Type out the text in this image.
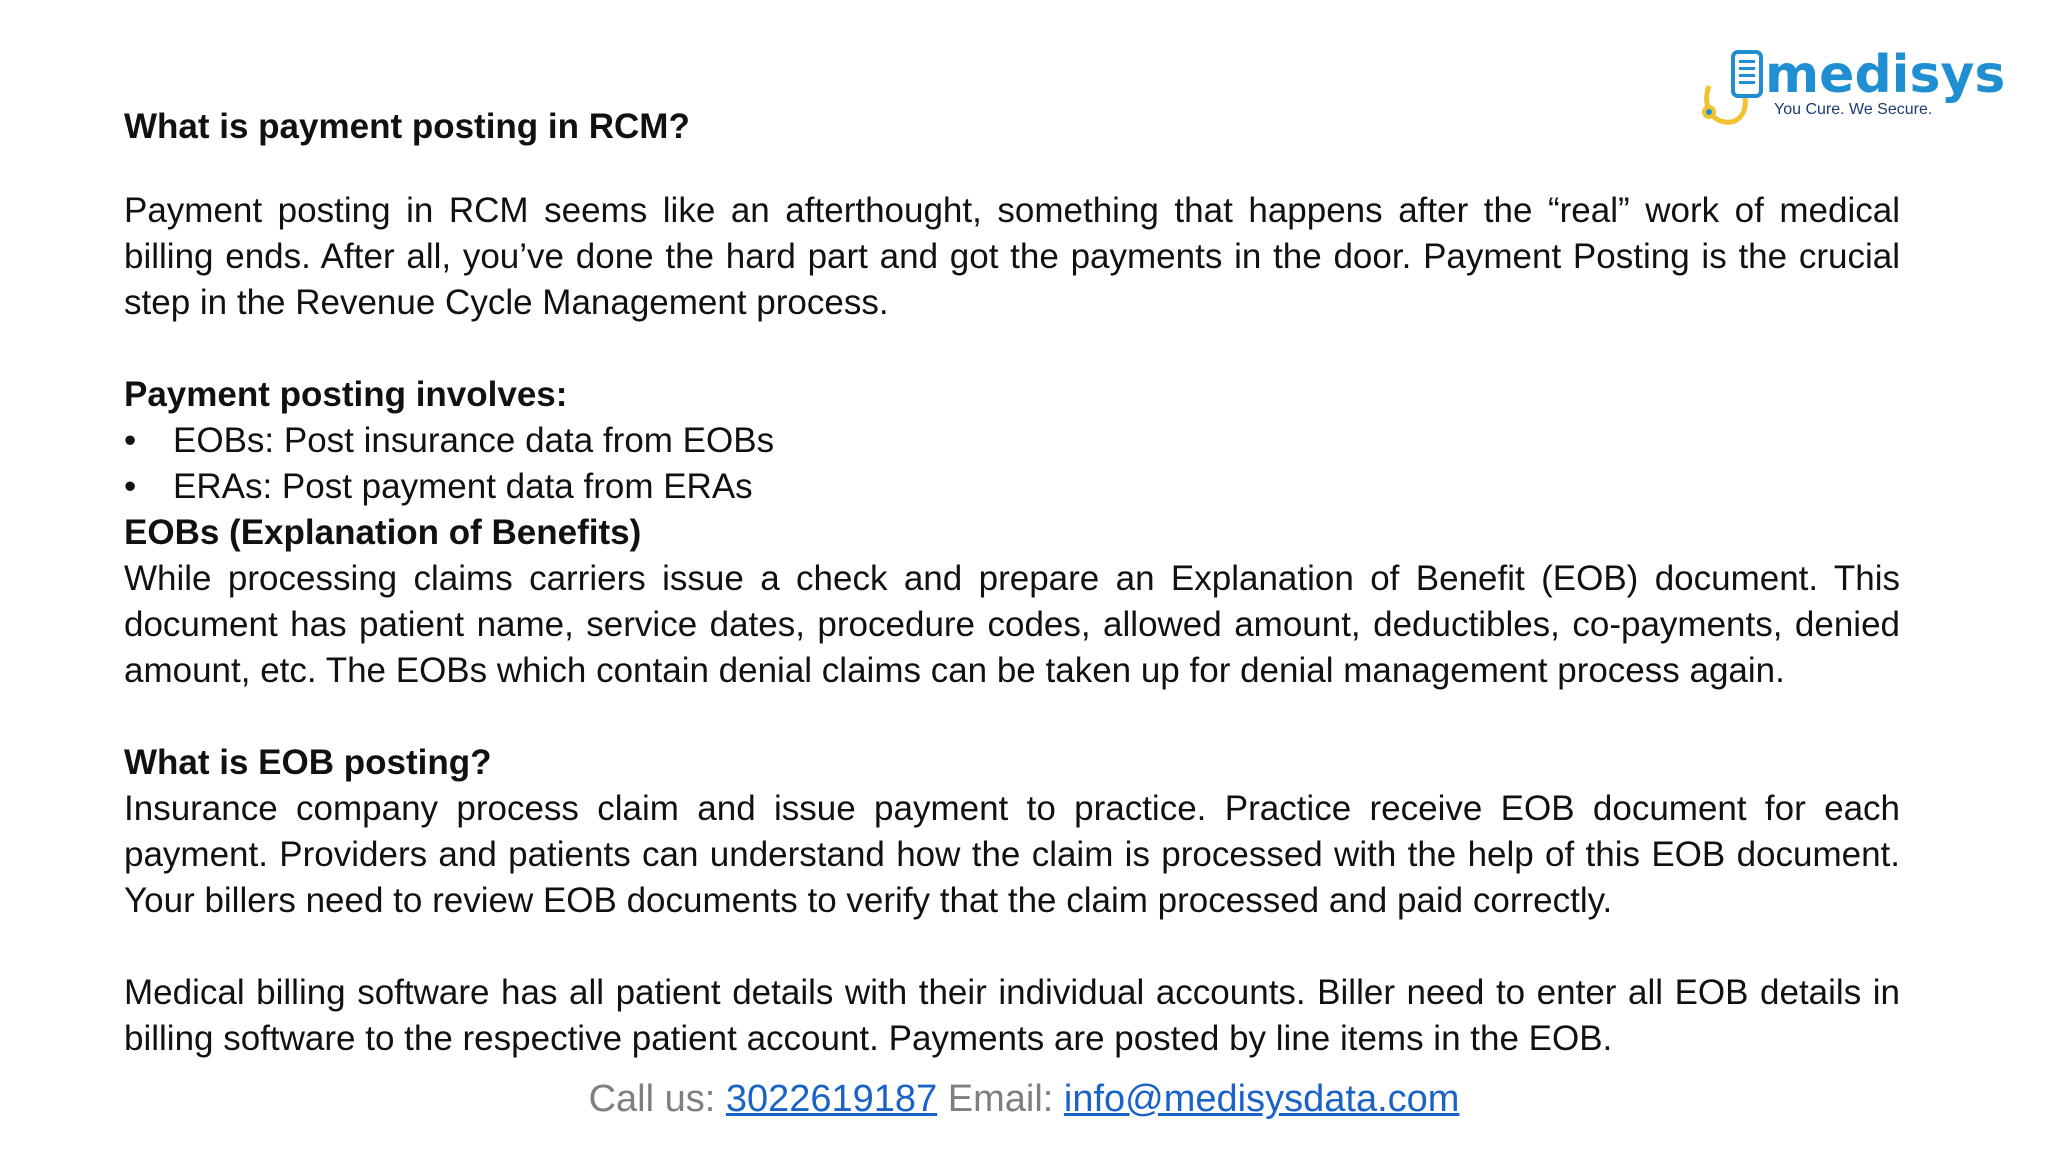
medisys
You Cure. We Secure.

What is payment posting in RCM?

Payment posting in RCM seems like an afterthought, something that happens after the “real” work of medical billing ends. After all, you’ve done the hard part and got the payments in the door. Payment Posting is the crucial step in the Revenue Cycle Management process.

Payment posting involves:

• EOBs: Post insurance data from EOBs
• ERAs: Post payment data from ERAs

EOBs (Explanation of Benefits)

While processing claims carriers issue a check and prepare an Explanation of Benefit (EOB) document. This document has patient name, service dates, procedure codes, allowed amount, deductibles, co-payments, denied amount, etc. The EOBs which contain denial claims can be taken up for denial management process again.

What is EOB posting?

Insurance company process claim and issue payment to practice. Practice receive EOB document for each payment. Providers and patients can understand how the claim is processed with the help of this EOB document. Your billers need to review EOB documents to verify that the claim processed and paid correctly.

Medical billing software has all patient details with their individual accounts. Biller need to enter all EOB details in billing software to the respective patient account. Payments are posted by line items in the EOB.

Call us: 3022619187 Email: info@medisysdata.com
